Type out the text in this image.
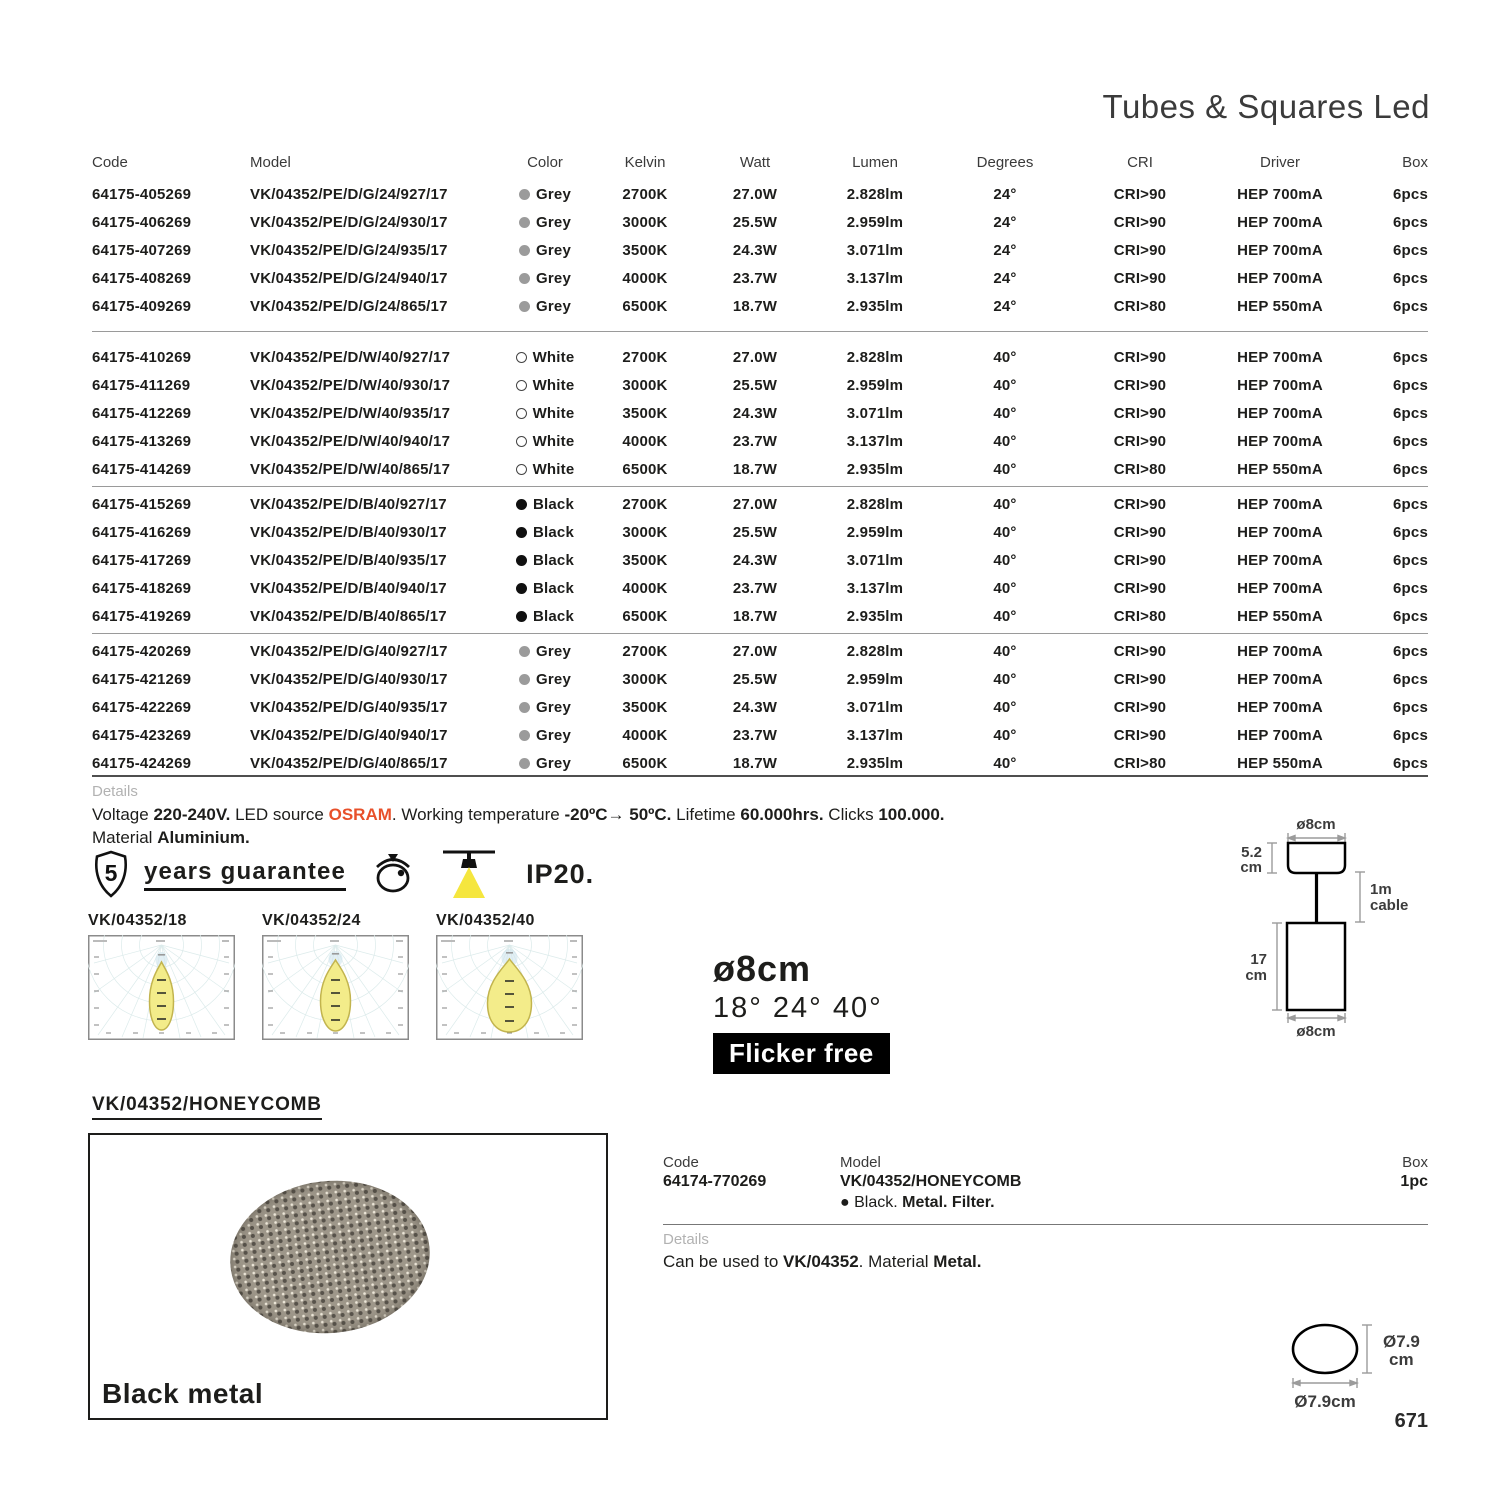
Tubes & Squares Led
Code	Model	Color	Kelvin	Watt	Lumen	Degrees	CRI	Driver	Box
64175-405269	VK/04352/PE/D/G/24/927/17	Grey	2700K	27.0W	2.828lm	24°	CRI>90	HEP 700mA	6pcs
64175-406269	VK/04352/PE/D/G/24/930/17	Grey	3000K	25.5W	2.959lm	24°	CRI>90	HEP 700mA	6pcs
64175-407269	VK/04352/PE/D/G/24/935/17	Grey	3500K	24.3W	3.071lm	24°	CRI>90	HEP 700mA	6pcs
64175-408269	VK/04352/PE/D/G/24/940/17	Grey	4000K	23.7W	3.137lm	24°	CRI>90	HEP 700mA	6pcs
64175-409269	VK/04352/PE/D/G/24/865/17	Grey	6500K	18.7W	2.935lm	24°	CRI>80	HEP 550mA	6pcs
64175-410269	VK/04352/PE/D/W/40/927/17	White	2700K	27.0W	2.828lm	40°	CRI>90	HEP 700mA	6pcs
64175-411269	VK/04352/PE/D/W/40/930/17	White	3000K	25.5W	2.959lm	40°	CRI>90	HEP 700mA	6pcs
64175-412269	VK/04352/PE/D/W/40/935/17	White	3500K	24.3W	3.071lm	40°	CRI>90	HEP 700mA	6pcs
64175-413269	VK/04352/PE/D/W/40/940/17	White	4000K	23.7W	3.137lm	40°	CRI>90	HEP 700mA	6pcs
64175-414269	VK/04352/PE/D/W/40/865/17	White	6500K	18.7W	2.935lm	40°	CRI>80	HEP 550mA	6pcs
64175-415269	VK/04352/PE/D/B/40/927/17	Black	2700K	27.0W	2.828lm	40°	CRI>90	HEP 700mA	6pcs
64175-416269	VK/04352/PE/D/B/40/930/17	Black	3000K	25.5W	2.959lm	40°	CRI>90	HEP 700mA	6pcs
64175-417269	VK/04352/PE/D/B/40/935/17	Black	3500K	24.3W	3.071lm	40°	CRI>90	HEP 700mA	6pcs
64175-418269	VK/04352/PE/D/B/40/940/17	Black	4000K	23.7W	3.137lm	40°	CRI>90	HEP 700mA	6pcs
64175-419269	VK/04352/PE/D/B/40/865/17	Black	6500K	18.7W	2.935lm	40°	CRI>80	HEP 550mA	6pcs
64175-420269	VK/04352/PE/D/G/40/927/17	Grey	2700K	27.0W	2.828lm	40°	CRI>90	HEP 700mA	6pcs
64175-421269	VK/04352/PE/D/G/40/930/17	Grey	3000K	25.5W	2.959lm	40°	CRI>90	HEP 700mA	6pcs
64175-422269	VK/04352/PE/D/G/40/935/17	Grey	3500K	24.3W	3.071lm	40°	CRI>90	HEP 700mA	6pcs
64175-423269	VK/04352/PE/D/G/40/940/17	Grey	4000K	23.7W	3.137lm	40°	CRI>90	HEP 700mA	6pcs
64175-424269	VK/04352/PE/D/G/40/865/17	Grey	6500K	18.7W	2.935lm	40°	CRI>80	HEP 550mA	6pcs
Details
Voltage 220-240V. LED source OSRAM. Working temperature -20ºC→ 50ºC. Lifetime 60.000hrs. Clicks 100.000.
Material Aluminium.
5 years guarantee	IP20.
VK/04352/18	VK/04352/24	VK/04352/40
ø8cm
18° 24° 40°
Flicker free
ø8cm
5.2
cm
1m
cable
17
cm
ø8cm
VK/04352/HONEYCOMB
Black metal
Code
64174-770269
Model
VK/04352/HONEYCOMB
● Black. Metal. Filter.
Box
1pc
Details
Can be used to VK/04352. Material Metal.
Ø7.9
cm
Ø7.9cm
671
